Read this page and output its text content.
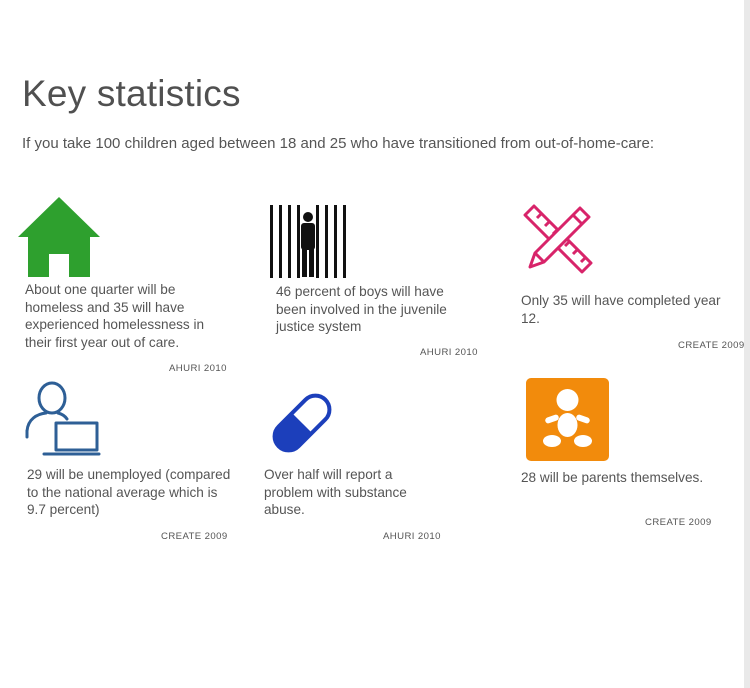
Key statistics

If you take 100 children aged between 18 and 25 who have transitioned from out-of-home-care:

About one quarter will be homeless and 35 will have experienced homelessness in their first year out of care.

AHURI 2010

46 percent of boys will have been involved in the juvenile justice system

AHURI 2010

Only 35 will have completed year 12.

CREATE 2009

29 will be unemployed (compared to the national average which is 9.7 percent)

CREATE 2009

Over half will report a problem with substance abuse.

AHURI 2010

28 will be parents themselves.

CREATE 2009
